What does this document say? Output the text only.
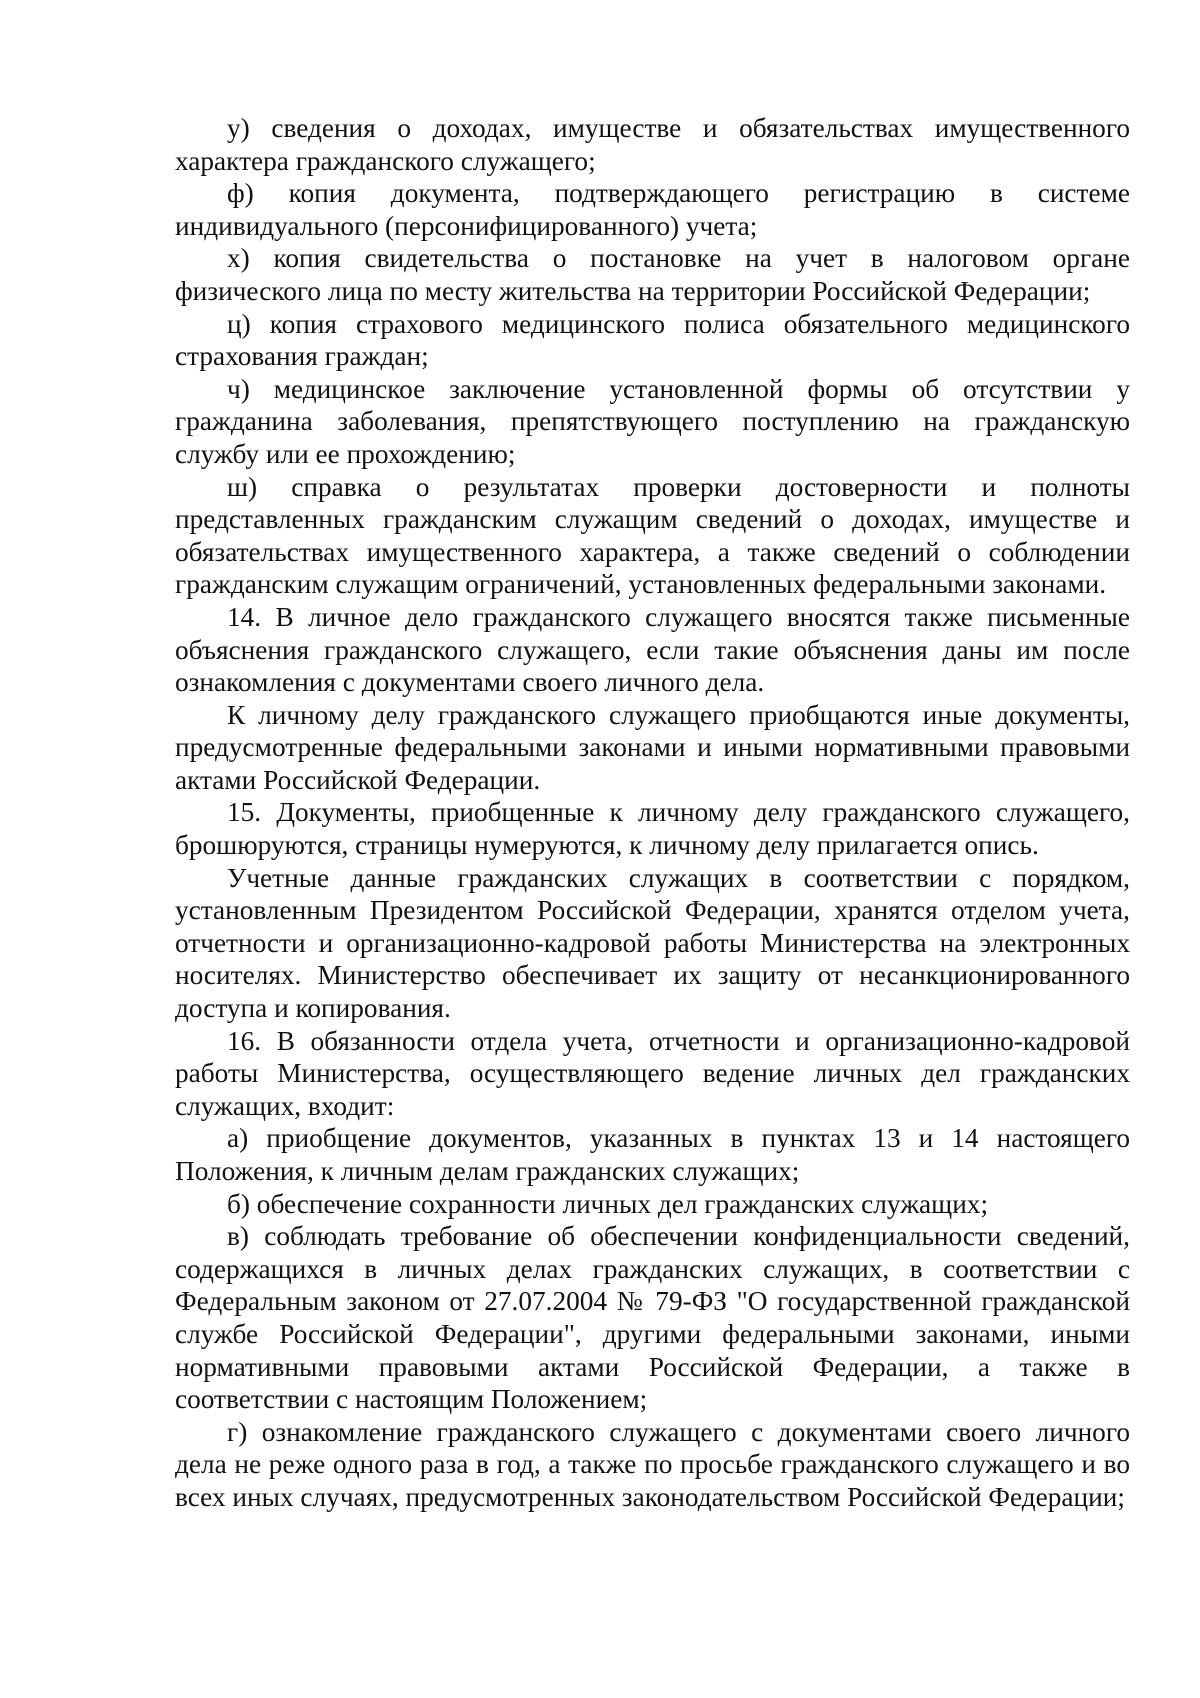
у) сведения о доходах, имуществе и обязательствах имущественного характера гражданского служащего;

ф) копия документа, подтверждающего регистрацию в системе индивидуального (персонифицированного) учета;

х) копия свидетельства о постановке на учет в налоговом органе физического лица по месту жительства на территории Российской Федерации;

ц) копия страхового медицинского полиса обязательного медицинского страхования граждан;

ч) медицинское заключение установленной формы об отсутствии у гражданина заболевания, препятствующего поступлению на гражданскую службу или ее прохождению;

ш) справка о результатах проверки достоверности и полноты представленных гражданским служащим сведений о доходах, имуществе и обязательствах имущественного характера, а также сведений о соблюдении гражданским служащим ограничений, установленных федеральными законами.

14. В личное дело гражданского служащего вносятся также письменные объяснения гражданского служащего, если такие объяснения даны им после ознакомления с документами своего личного дела.

К личному делу гражданского служащего приобщаются иные документы, предусмотренные федеральными законами и иными нормативными правовыми актами Российской Федерации.

15. Документы, приобщенные к личному делу гражданского служащего, брошюруются, страницы нумеруются, к личному делу прилагается опись.

Учетные данные гражданских служащих в соответствии с порядком, установленным Президентом Российской Федерации, хранятся отделом учета, отчетности и организационно-кадровой работы Министерства на электронных носителях. Министерство обеспечивает их защиту от несанкционированного доступа и копирования.

16. В обязанности отдела учета, отчетности и организационно-кадровой работы Министерства, осуществляющего ведение личных дел гражданских служащих, входит:

а) приобщение документов, указанных в пунктах 13 и 14 настоящего Положения, к личным делам гражданских служащих;

б) обеспечение сохранности личных дел гражданских служащих;

в) соблюдать требование об обеспечении конфиденциальности сведений, содержащихся в личных делах гражданских служащих, в соответствии с Федеральным законом от 27.07.2004 № 79-ФЗ "О государственной гражданской службе Российской Федерации", другими федеральными законами, иными нормативными правовыми актами Российской Федерации, а также в соответствии с настоящим Положением;

г) ознакомление гражданского служащего с документами своего личного дела не реже одного раза в год, а также по просьбе гражданского служащего и во всех иных случаях, предусмотренных законодательством Российской Федерации;
